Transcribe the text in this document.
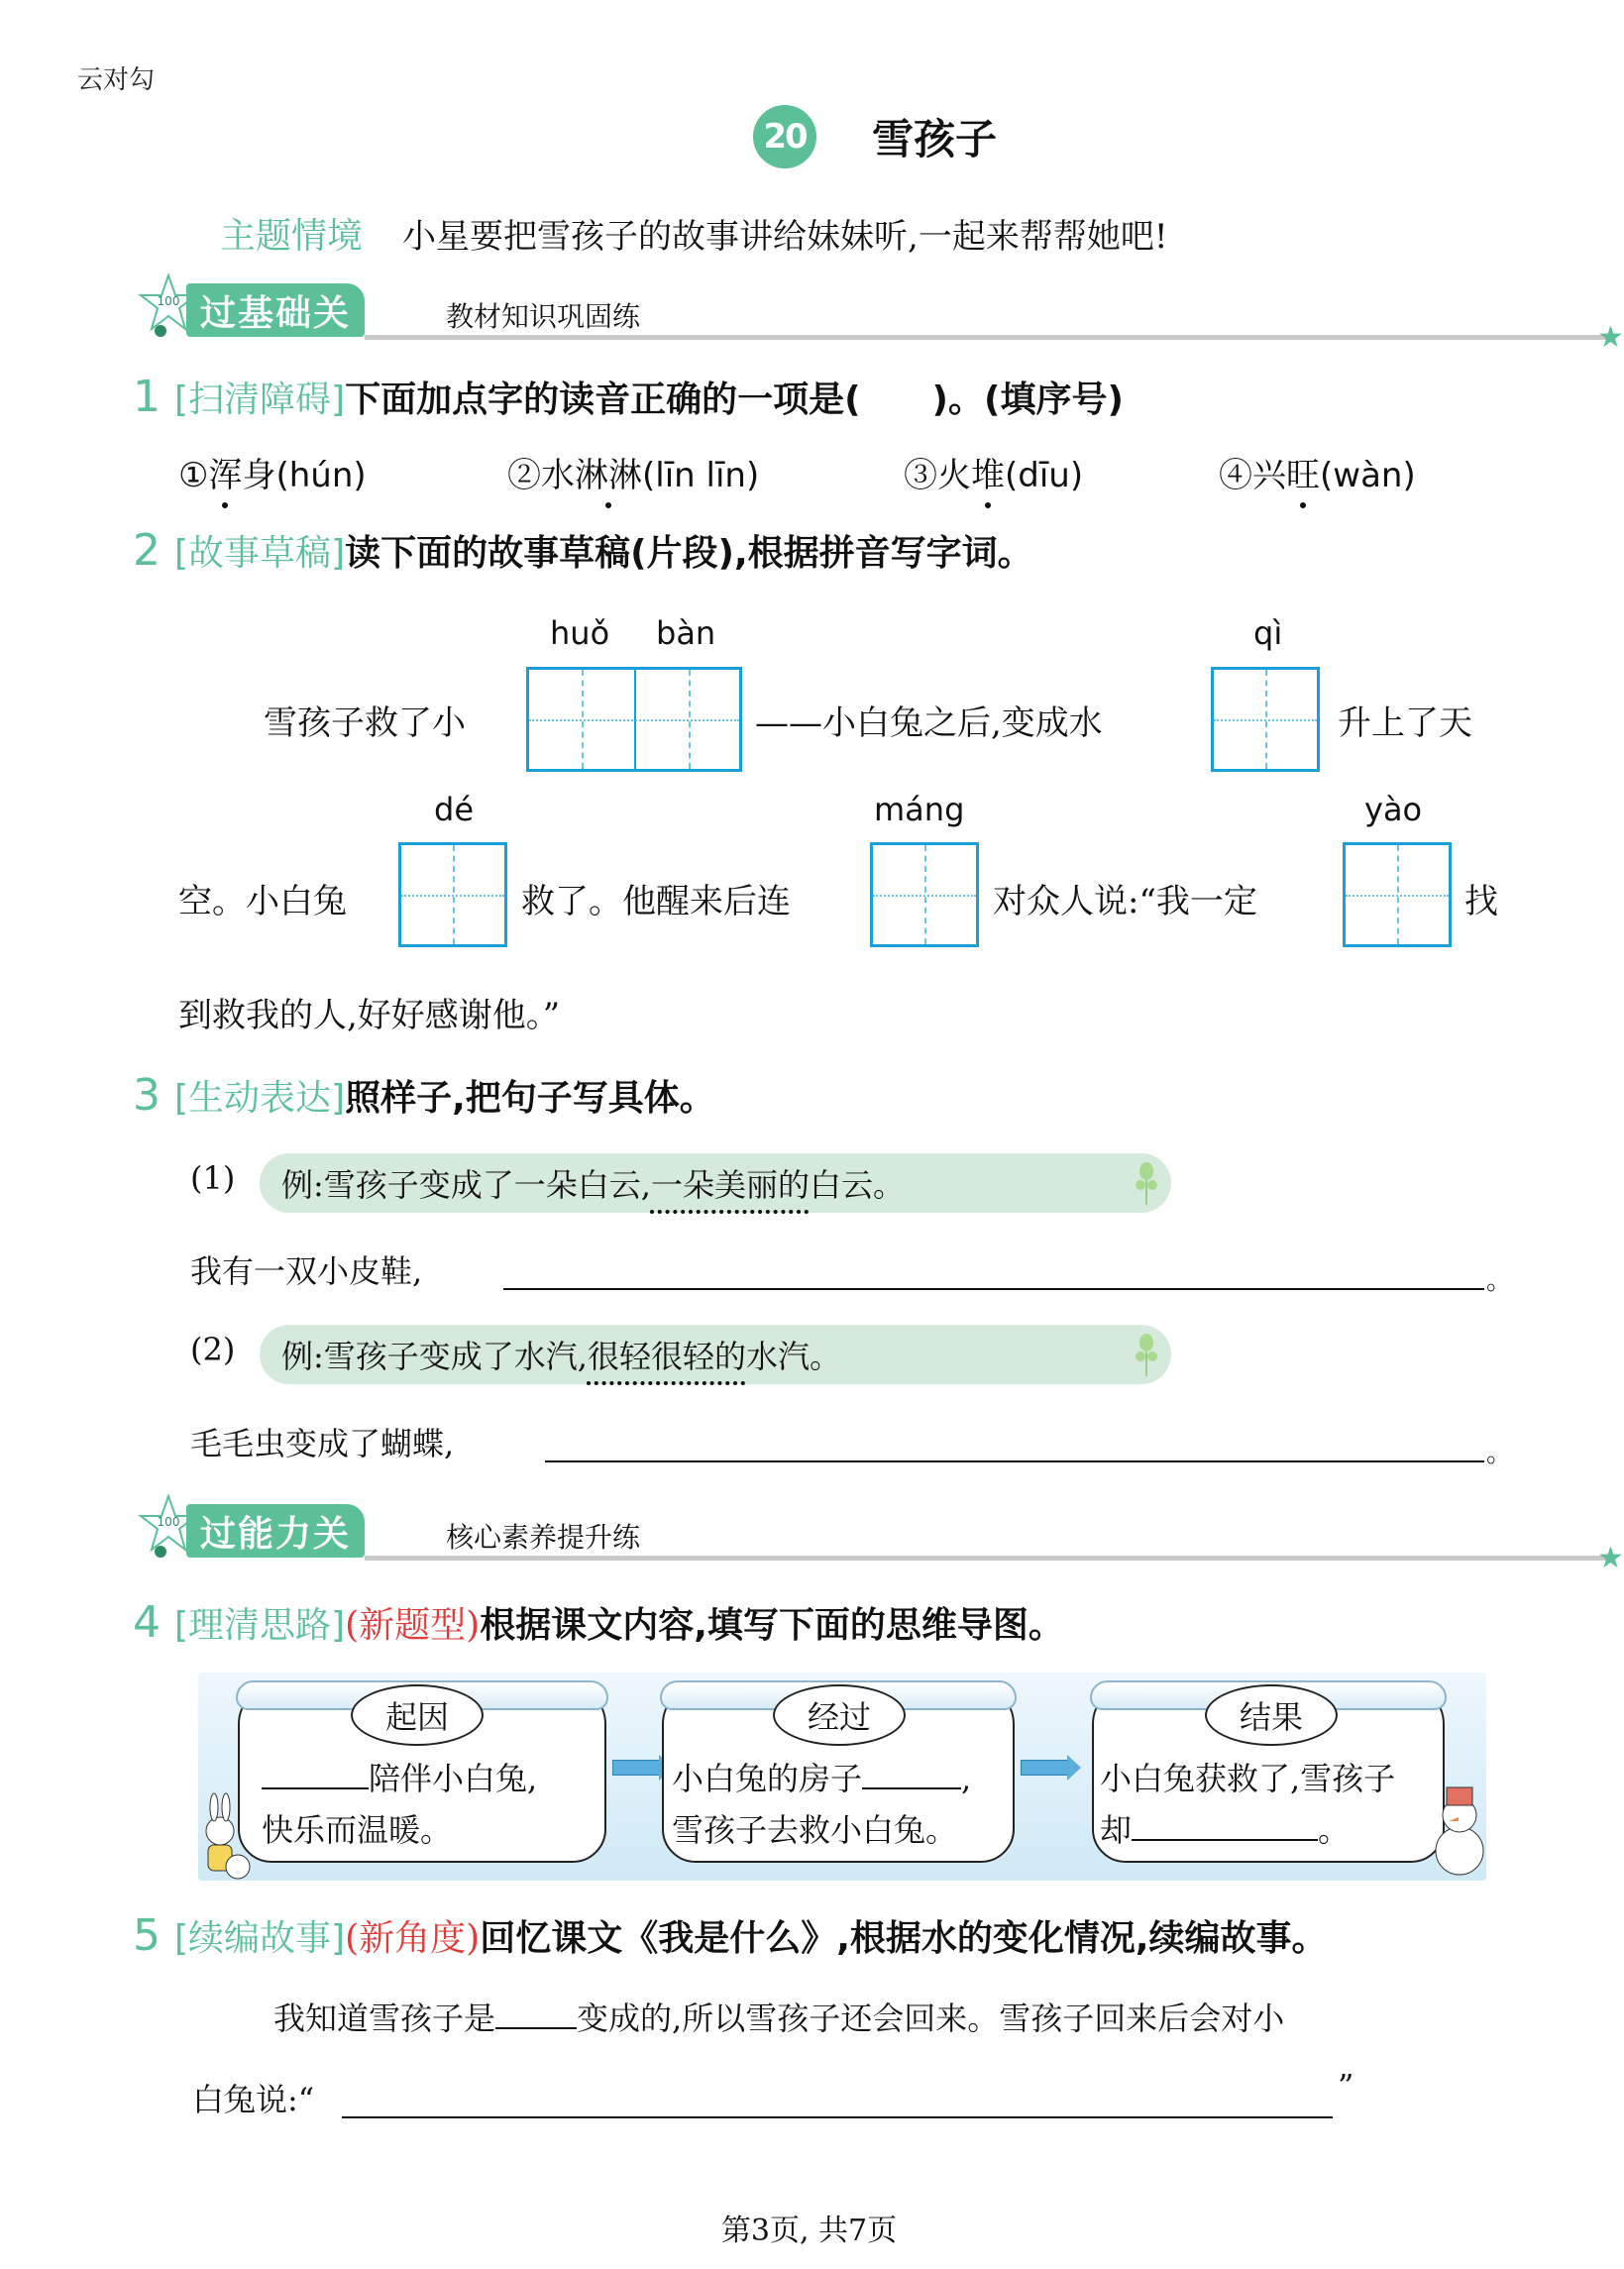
云对勾
20 雪孩子
主题情境 小星要把雪孩子的故事讲给妹妹听,一起来帮帮她吧!
100 过基础关	教材知识巩固练
★
1 [扫清障碍] 下面加点字的读音正确的一项是(　　)。(填序号)
①浑身(hún)	②水淋淋(līn līn)	③火堆(dīu)	④兴旺(wàn)
2 [故事草稿] 读下面的故事草稿(片段),根据拼音写字词。
huǒ bàn	qì
雪孩子救了小	——小白兔之后,变成水	升上了天
dé	máng	yào
空。小白兔	救了。他醒来后连	对众人说:“我一定	找
到救我的人,好好感谢他。”
3 [生动表达] 照样子,把句子写具体。
(1) 例:雪孩子变成了一朵白云, 一朵美丽的 白云。
我有一双小皮鞋,	。
(2) 例:雪孩子变成了水汽, 很轻很轻的 水汽。
毛毛虫变成了蝴蝶,	。
100 过能力关	核心素养提升练
★
4 [理清思路] (新题型) 根据课文内容,填写下面的思维导图。
起因
陪伴小白兔,
快乐而温暖。
经过
小白兔的房子	,
雪孩子去救小白兔。
结果
小白兔获救了,雪孩子
却	。
5 [续编故事] (新角度) 回忆课文《我是什么》,根据水的变化情况,续编故事。
我知道雪孩子是	变成的,所以雪孩子还会回来。雪孩子回来后会对小
白兔说:“	”
第3页, 共7页
